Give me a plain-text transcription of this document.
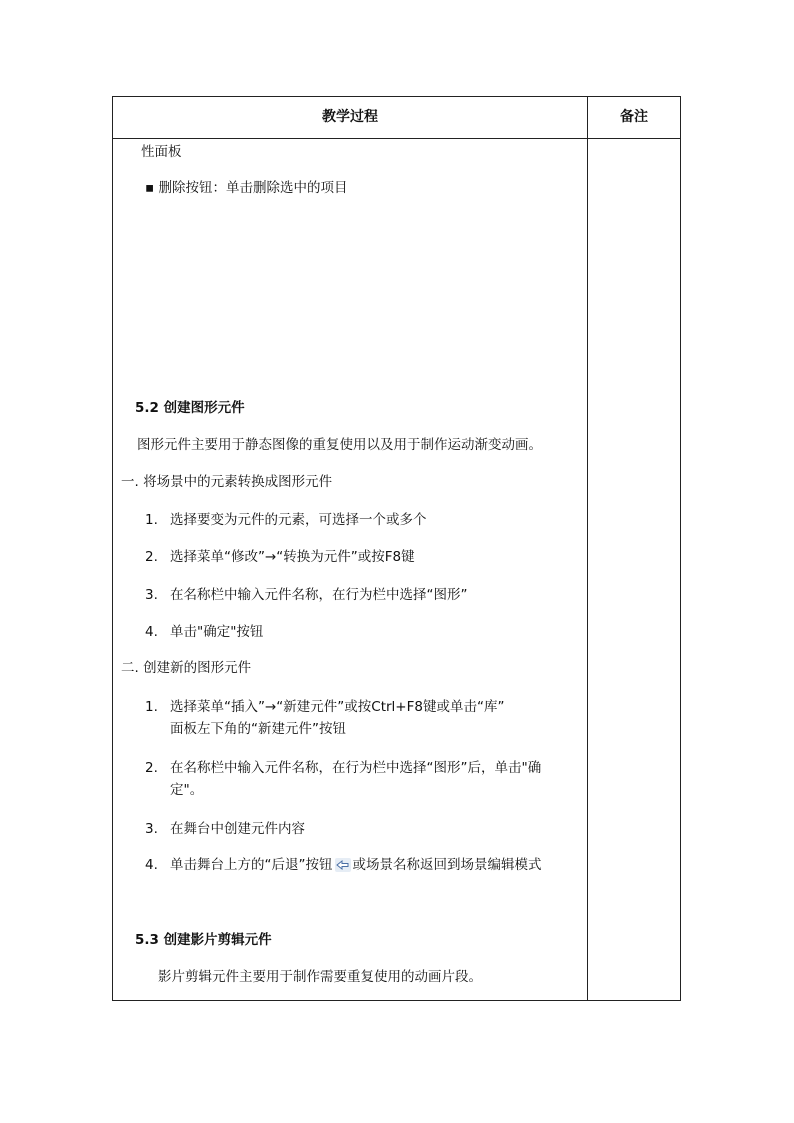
教学过程	备注
性面板
▪ 删除按钮：单击删除选中的项目
5.2 创建图形元件
图形元件主要用于静态图像的重复使用以及用于制作运动渐变动画。
一. 将场景中的元素转换成图形元件
1. 选择要变为元件的元素，可选择一个或多个
2. 选择菜单“修改”→“转换为元件”或按F8键
3. 在名称栏中输入元件名称，在行为栏中选择“图形”
4. 单击"确定"按钮
二. 创建新的图形元件
1. 选择菜单“插入”→“新建元件”或按Ctrl+F8键或单击“库”
面板左下角的“新建元件”按钮
2. 在名称栏中输入元件名称，在行为栏中选择“图形”后，单击"确
定"。
3. 在舞台中创建元件内容
4. 单击舞台上方的“后退”按钮 或场景名称返回到场景编辑模式
5.3 创建影片剪辑元件
影片剪辑元件主要用于制作需要重复使用的动画片段。
